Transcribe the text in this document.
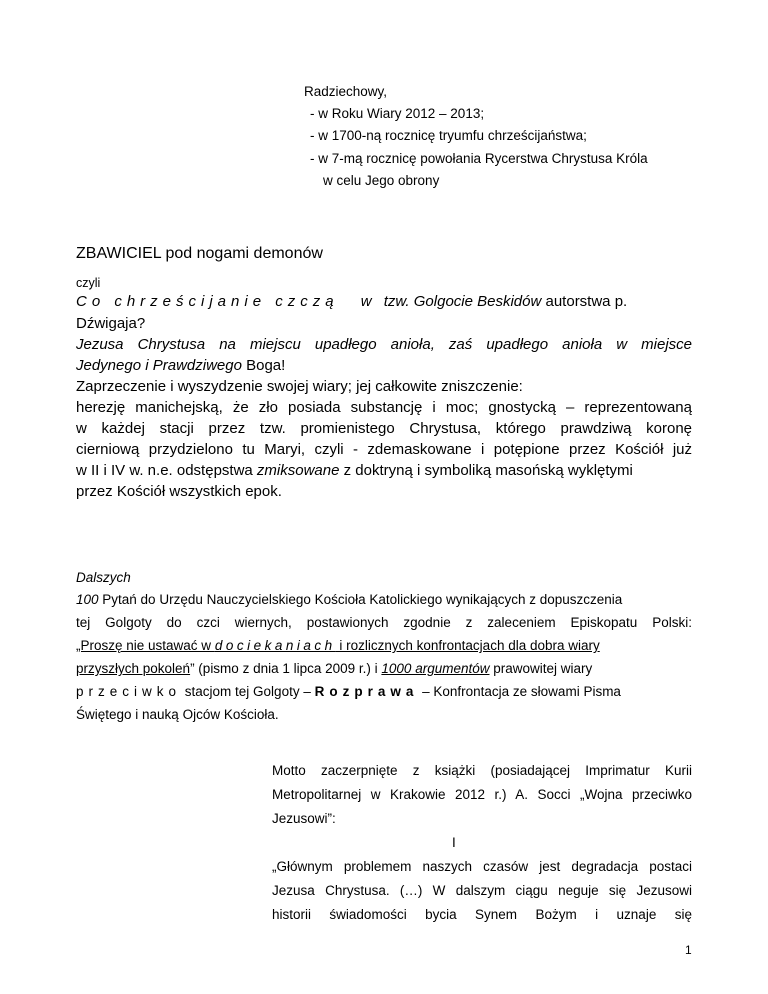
Radziechowy,
- w Roku Wiary 2012 – 2013;
- w 1700-ną rocznicę tryumfu chrześcijaństwa;
- w 7-mą rocznicę powołania Rycerstwa Chrystusa Króla
w celu Jego obrony
ZBAWICIEL pod nogami demonów
czyli
Co chrześcijanie czczą w tzw. Golgocie Beskidów autorstwa p.
Dźwigaja?
Jezusa Chrystusa na miejscu upadłego anioła, zaś upadłego anioła w miejsce
Jedynego i Prawdziwego Boga!
Zaprzeczenie i wyszydzenie swojej wiary; jej całkowite zniszczenie:
herezję manichejską, że zło posiada substancję i moc; gnostycką – reprezentowaną
w każdej stacji przez tzw. promienistego Chrystusa, którego prawdziwą koronę
cierniową przydzielono tu Maryi, czyli - zdemaskowane i potępione przez Kościół już
w II i IV w. n.e. odstępstwa zmiksowane z doktryną i symboliką masońską wyklętymi
przez Kościół wszystkich epok.
Dalszych
100 Pytań do Urzędu Nauczycielskiego Kościoła Katolickiego wynikających z dopuszczenia
tej Golgoty do czci wiernych, postawionych zgodnie z zaleceniem Episkopatu Polski:
„Proszę nie ustawać w dociekaniach i rozlicznych konfrontacjach dla dobra wiary
przyszłych pokoleń” (pismo z dnia 1 lipca 2009 r.) i 1000 argumentów prawowitej wiary
przeciwko stacjom tej Golgoty – Rozprawa – Konfrontacja ze słowami Pisma
Świętego i nauką Ojców Kościoła.
Motto zaczerpnięte z książki (posiadającej Imprimatur Kurii
Metropolitarnej w Krakowie 2012 r.) A. Socci „Wojna przeciwko
Jezusowi”:
I
„Głównym problemem naszych czasów jest degradacja postaci
Jezusa Chrystusa. (…) W dalszym ciągu neguje się Jezusowi
historii świadomości bycia Synem Bożym i uznaje się
1
